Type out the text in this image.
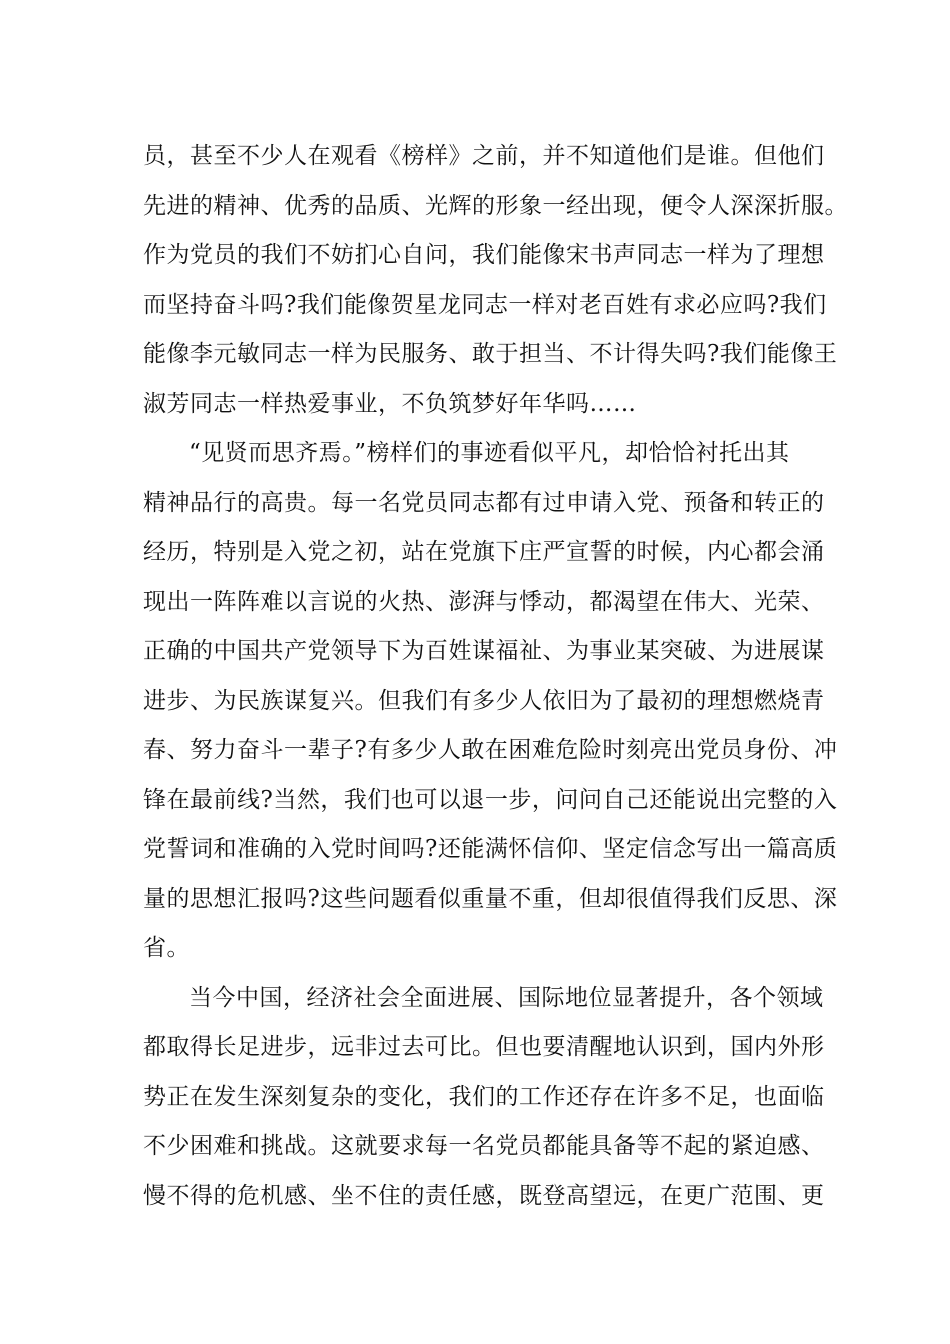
员，甚至不少人在观看《榜样》之前，并不知道他们是谁。但他们
先进的精神、优秀的品质、光辉的形象一经出现，便令人深深折服。
作为党员的我们不妨扪心自问，我们能像宋书声同志一样为了理想
而坚持奋斗吗?我们能像贺星龙同志一样对老百姓有求必应吗?我们
能像李元敏同志一样为民服务、敢于担当、不计得失吗?我们能像王
淑芳同志一样热爱事业，不负筑梦好年华吗……
“见贤而思齐焉。”榜样们的事迹看似平凡，却恰恰衬托出其
精神品行的高贵。每一名党员同志都有过申请入党、预备和转正的
经历，特别是入党之初，站在党旗下庄严宣誓的时候，内心都会涌
现出一阵阵难以言说的火热、澎湃与悸动，都渴望在伟大、光荣、
正确的中国共产党领导下为百姓谋福祉、为事业某突破、为进展谋
进步、为民族谋复兴。但我们有多少人依旧为了最初的理想燃烧青
春、努力奋斗一辈子?有多少人敢在困难危险时刻亮出党员身份、冲
锋在最前线?当然，我们也可以退一步，问问自己还能说出完整的入
党誓词和准确的入党时间吗?还能满怀信仰、坚定信念写出一篇高质
量的思想汇报吗?这些问题看似重量不重，但却很值得我们反思、深
省。
当今中国，经济社会全面进展、国际地位显著提升，各个领域
都取得长足进步，远非过去可比。但也要清醒地认识到，国内外形
势正在发生深刻复杂的变化，我们的工作还存在许多不足，也面临
不少困难和挑战。这就要求每一名党员都能具备等不起的紧迫感、
慢不得的危机感、坐不住的责任感，既登高望远，在更广范围、更
